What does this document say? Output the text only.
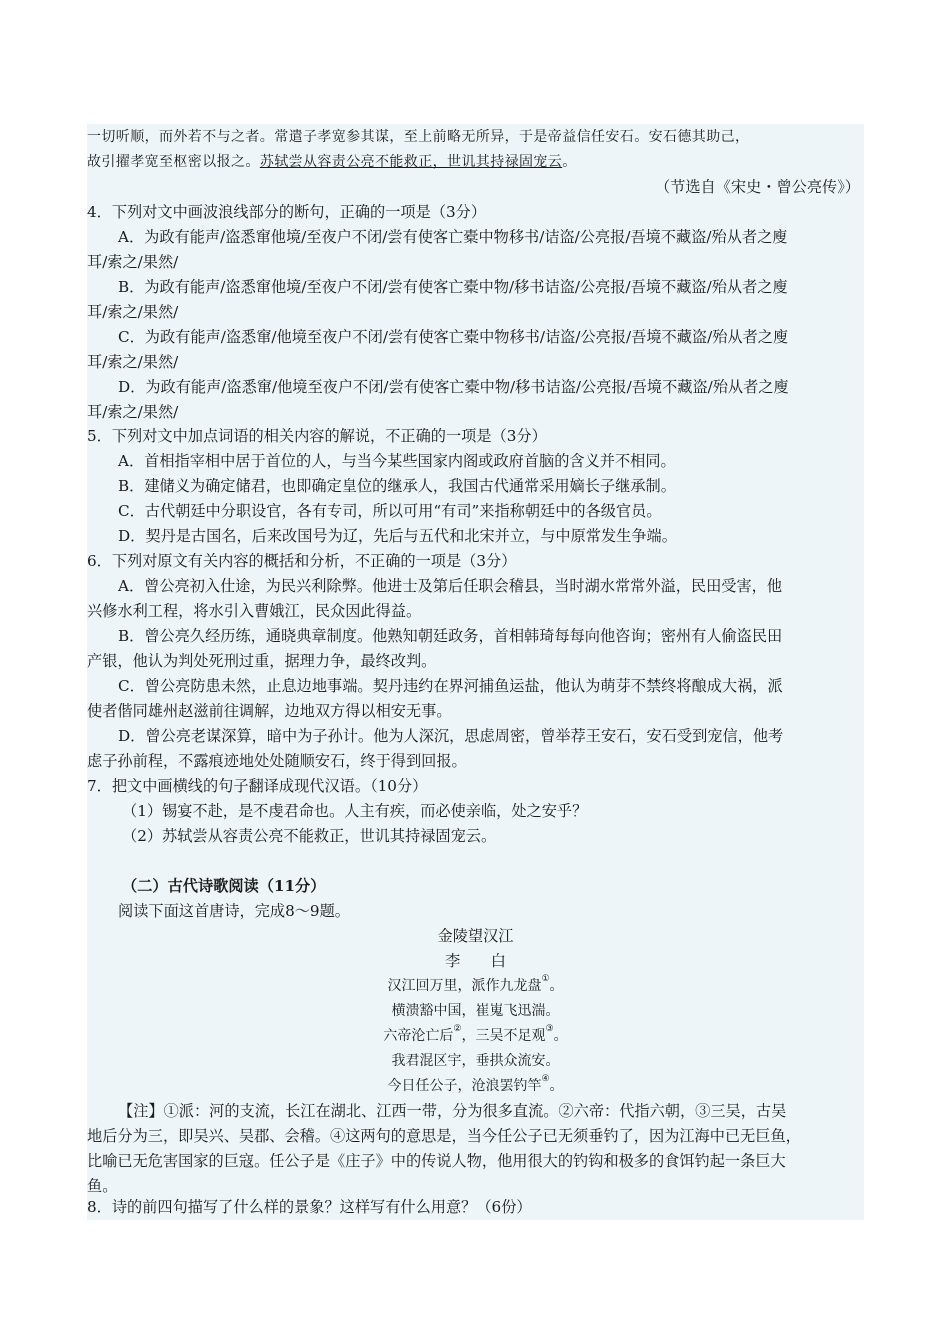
一切听顺，而外若不与之者。常遣子孝宽参其谋，至上前略无所异，于是帝益信任安石。安石德其助己，
故引擢孝宽至枢密以报之。苏轼尝从容责公亮不能救正，世讥其持禄固宠云。
（节选自《宋史・曾公亮传》）
4．下列对文中画波浪线部分的断句，正确的一项是（3分）
A．为政有能声/盗悉窜他境/至夜户不闭/尝有使客亡橐中物移书/诘盗/公亮报/吾境不藏盗/殆从者之廋
耳/索之/果然/
B．为政有能声/盗悉窜他境/至夜户不闭/尝有使客亡橐中物/移书诘盗/公亮报/吾境不藏盗/殆从者之廋
耳/索之/果然/
C．为政有能声/盗悉窜/他境至夜户不闭/尝有使客亡橐中物移书/诘盗/公亮报/吾境不藏盗/殆从者之廋
耳/索之/果然/
D．为政有能声/盗悉窜/他境至夜户不闭/尝有使客亡橐中物/移书诘盗/公亮报/吾境不藏盗/殆从者之廋
耳/索之/果然/
5．下列对文中加点词语的相关内容的解说，不正确的一项是（3分）
A．首相指宰相中居于首位的人，与当今某些国家内阁或政府首脑的含义并不相同。
B．建储义为确定储君，也即确定皇位的继承人，我国古代通常采用嫡长子继承制。
C．古代朝廷中分职设官，各有专司，所以可用“有司”来指称朝廷中的各级官员。
D．契丹是古国名，后来改国号为辽，先后与五代和北宋并立，与中原常发生争端。
6．下列对原文有关内容的概括和分析，不正确的一项是（3分）
A．曾公亮初入仕途，为民兴利除弊。他进士及第后任职会稽县，当时湖水常常外溢，民田受害，他
兴修水利工程，将水引入曹娥江，民众因此得益。
B．曾公亮久经历练，通晓典章制度。他熟知朝廷政务，首相韩琦每每向他咨询；密州有人偷盗民田
产银，他认为判处死刑过重，据理力争，最终改判。
C．曾公亮防患未然，止息边地事端。契丹违约在界河捕鱼运盐，他认为萌芽不禁终将酿成大祸，派
使者偕同雄州赵滋前往调解，边地双方得以相安无事。
D．曾公亮老谋深算，暗中为子孙计。他为人深沉，思虑周密，曾举荐王安石，安石受到宠信，他考
虑子孙前程，不露痕迹地处处随顺安石，终于得到回报。
7．把文中画横线的句子翻译成现代汉语。（10分）
（1）锡宴不赴，是不虔君命也。人主有疾，而必使亲临，处之安乎？
（2）苏轼尝从容责公亮不能救正，世讥其持禄固宠云。
（二）古代诗歌阅读（11分）
阅读下面这首唐诗，完成8～9题。
金陵望汉江
李　　白
汉江回万里，派作九龙盘①。
横溃豁中国，崔嵬飞迅湍。
六帝沦亡后②，三吴不足观③。
我君混区宇，垂拱众流安。
今日任公子，沧浪罢钓竿④。
【注】①派：河的支流，长江在湖北、江西一带，分为很多直流。②六帝：代指六朝，③三吴，古吴
地后分为三，即吴兴、吴郡、会稽。④这两句的意思是，当今任公子已无须垂钓了，因为江海中已无巨鱼，
比喻已无危害国家的巨寇。任公子是《庄子》中的传说人物，他用很大的钓钩和极多的食饵钓起一条巨大
鱼。
8．诗的前四句描写了什么样的景象？这样写有什么用意？（6份）
